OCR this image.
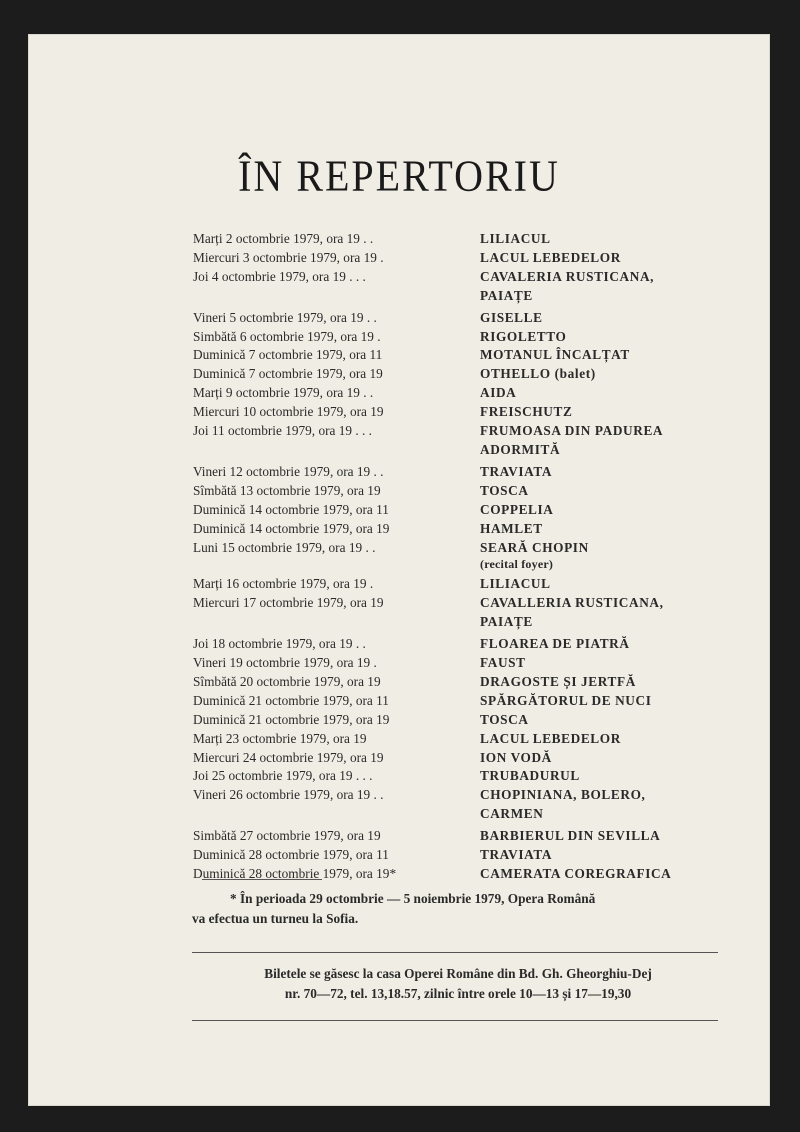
ÎN REPERTORIU
Marți 2 octombrie 1979, ora 19 . .	LILIACUL
Miercuri 3 octombrie 1979, ora 19 .	LACUL LEBEDELOR
Joi 4 octombrie 1979, ora 19 . . .	CAVALERIA RUSTICANA,
PAIAȚE
Vineri 5 octombrie 1979, ora 19 . .	GISELLE
Simbătă 6 octombrie 1979, ora 19 .	RIGOLETTO
Duminică 7 octombrie 1979, ora 11	MOTANUL ÎNCALȚAT
Duminică 7 octombrie 1979, ora 19	OTHELLO (balet)
Marți 9 octombrie 1979, ora 19 . .	AIDA
Miercuri 10 octombrie 1979, ora 19	FREISCHUTZ
Joi 11 octombrie 1979, ora 19 . . .	FRUMOASA DIN PADUREA
ADORMITĂ
Vineri 12 octombrie 1979, ora 19 . .	TRAVIATA
Sîmbătă 13 octombrie 1979, ora 19	TOSCA
Duminică 14 octombrie 1979, ora 11	COPPELIA
Duminică 14 octombrie 1979, ora 19	HAMLET
Luni 15 octombrie 1979, ora 19 . .	SEARĂ CHOPIN
(recital foyer)
Marți 16 octombrie 1979, ora 19 .	LILIACUL
Miercuri 17 octombrie 1979, ora 19	CAVALLERIA RUSTICANA,
PAIAȚE
Joi 18 octombrie 1979, ora 19 . .	FLOAREA DE PIATRĂ
Vineri 19 octombrie 1979, ora 19 .	FAUST
Sîmbătă 20 octombrie 1979, ora 19	DRAGOSTE ȘI JERTFĂ
Duminică 21 octombrie 1979, ora 11	SPĂRGĂTORUL DE NUCI
Duminică 21 octombrie 1979, ora 19	TOSCA
Marți 23 octombrie 1979, ora 19	LACUL LEBEDELOR
Miercuri 24 octombrie 1979, ora 19	ION VODĂ
Joi 25 octombrie 1979, ora 19 . . .	TRUBADURUL
Vineri 26 octombrie 1979, ora 19 . .	CHOPINIANA, BOLERO,
CARMEN
Simbătă 27 octombrie 1979, ora 19	BARBIERUL DIN SEVILLA
Duminică 28 octombrie 1979, ora 11	TRAVIATA
Duminică 28 octombrie 1979, ora 19*	CAMERATA COREGRAFICA
* În perioada 29 octombrie — 5 noiembrie 1979, Opera Română
va efectua un turneu la Sofia.
Biletele se găsesc la casa Operei Române din Bd. Gh. Gheorghiu-Dej
nr. 70—72, tel. 13,18.57, zilnic între orele 10—13 și 17—19,30
